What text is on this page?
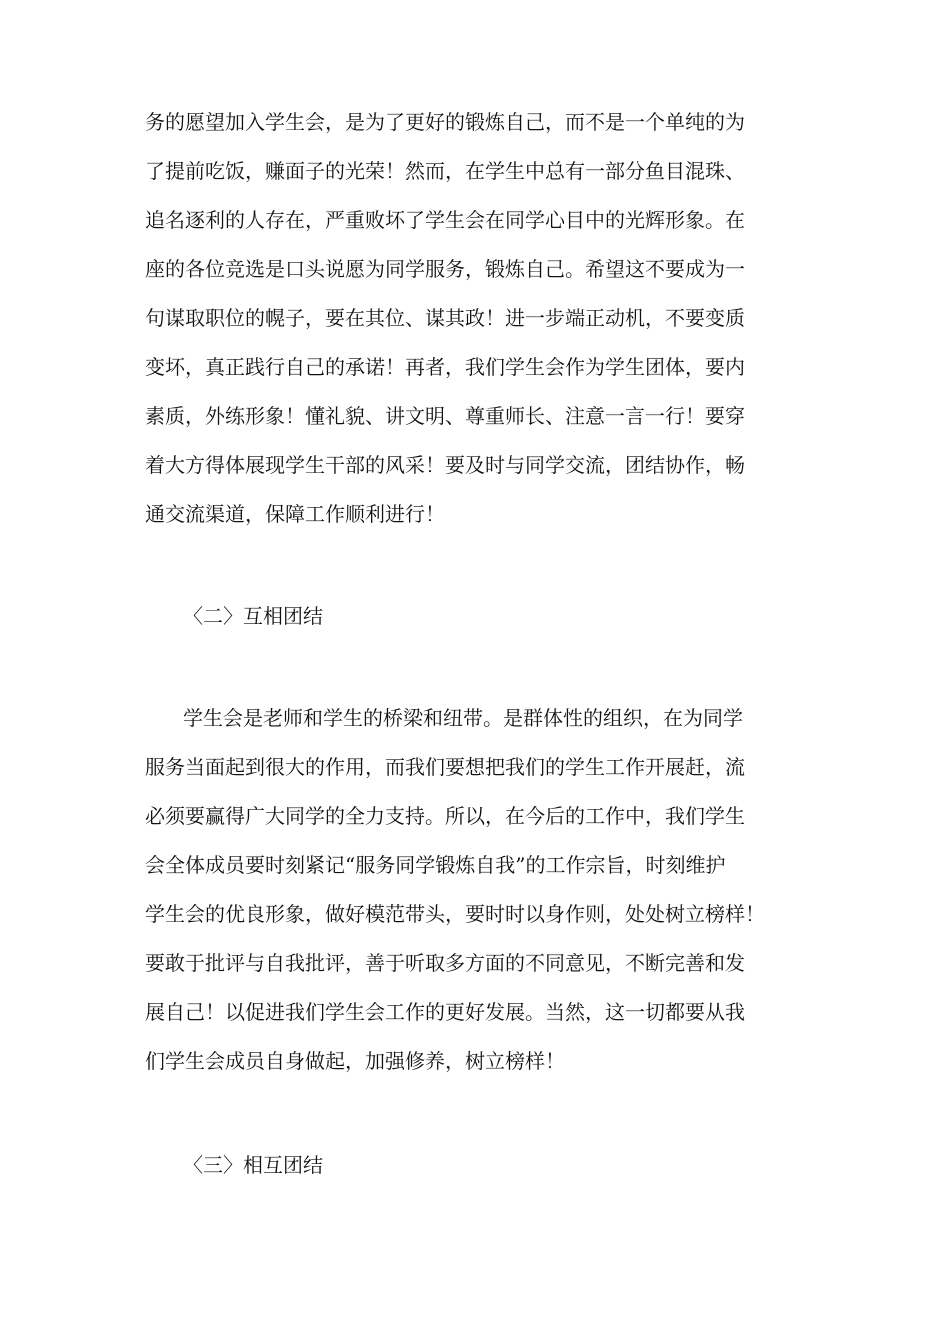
务的愿望加入学生会，是为了更好的锻炼自己，而不是一个单纯的为

了提前吃饭，赚面子的光荣！然而，在学生中总有一部分鱼目混珠、

追名逐利的人存在，严重败坏了学生会在同学心目中的光辉形象。在

座的各位竞选是口头说愿为同学服务，锻炼自己。希望这不要成为一

句谋取职位的幌子，要在其位、谋其政！进一步端正动机，不要变质

变坏，真正践行自己的承诺！再者，我们学生会作为学生团体，要内

素质，外练形象！懂礼貌、讲文明、尊重师长、注意一言一行！要穿

着大方得体展现学生干部的风采！要及时与同学交流，团结协作，畅

通交流渠道，保障工作顺利进行！

〈二〉互相团结

学生会是老师和学生的桥梁和纽带。是群体性的组织，在为同学

服务当面起到很大的作用，而我们要想把我们的学生工作开展赶，流

必须要赢得广大同学的全力支持。所以，在今后的工作中，我们学生

会全体成员要时刻紧记“服务同学锻炼自我”的工作宗旨，时刻维护

学生会的优良形象，做好模范带头，要时时以身作则，处处树立榜样！

要敢于批评与自我批评，善于听取多方面的不同意见，不断完善和发

展自己！以促进我们学生会工作的更好发展。当然，这一切都要从我

们学生会成员自身做起，加强修养，树立榜样！

〈三〉相互团结
